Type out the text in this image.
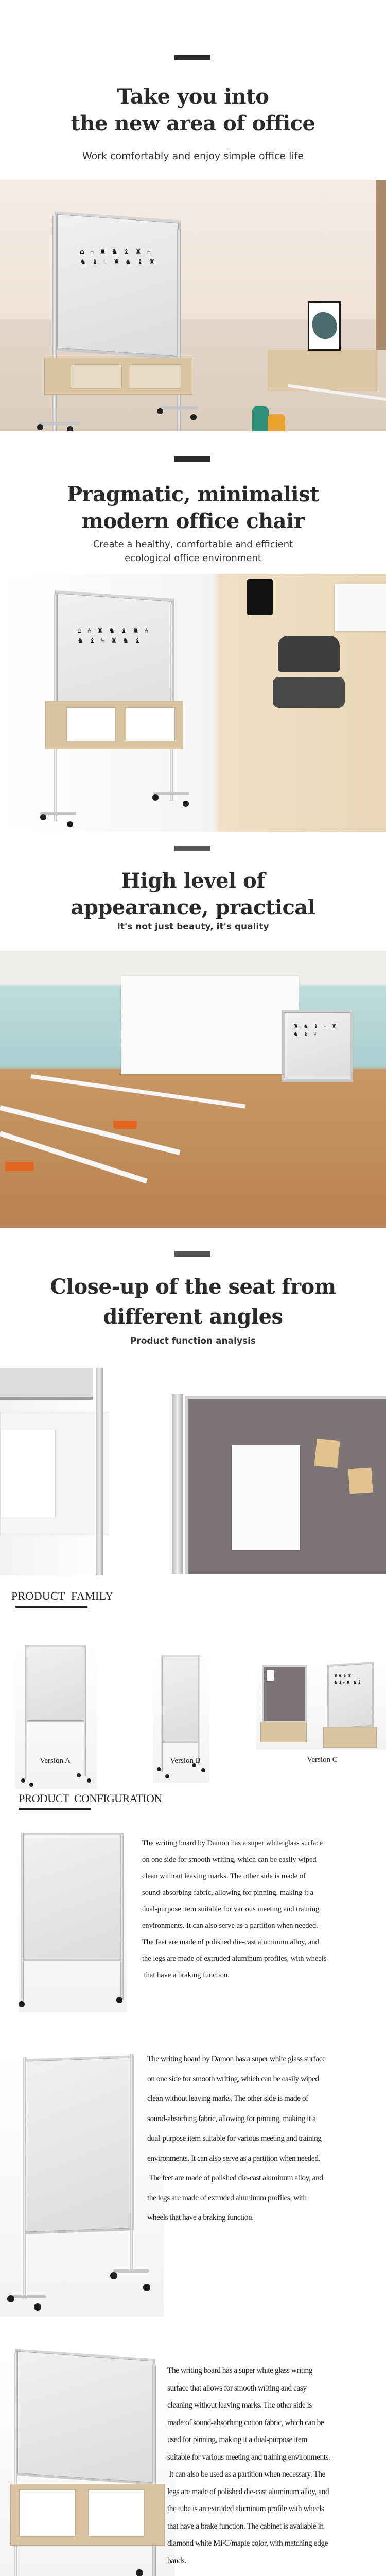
Take you into
the new area of office
Work comfortably and enjoy simple office life
⌂ ⑃ ♜ ♞ ♝ ♜ ⑃ ♞ ♝ ⑂ ♜ ♞ ♝ ♜
Pragmatic, minimalist
modern office chair
Create a healthy, comfortable and efficient
ecological office environment
⌂ ⑃ ♜ ♞ ♝ ♜ ⑃ ♞ ♝ ⑂ ♜ ♞ ♝
High level of
appearance, practical
It's not just beauty, it's quality
♜ ♞ ♝ ⑃ ♜ ♞ ♝ ⑂
Close-up of the seat from
different angles
Product function analysis
PRODUCT  FAMILY
Version A	Version B
♜♞♝♜ ♞♝⑃♜ ♞♝
Version C
PRODUCT  CONFIGURATION
The writing board by Damon has a super white glass surface
on one side for smooth writing, which can be easily wiped
clean without leaving marks. The other side is made of
sound-absorbing fabric, allowing for pinning, making it a
dual-purpose item suitable for various meeting and training
environments. It can also serve as a partition when needed.
The feet are made of polished die-cast aluminum alloy, and
the legs are made of extruded aluminum profiles, with wheels
that have a braking function.
The writing board by Damon has a super white glass surface
on one side for smooth writing, which can be easily wiped
clean without leaving marks. The other side is made of
sound-absorbing fabric, allowing for pinning, making it a
dual-purpose item suitable for various meeting and training
environments. It can also serve as a partition when needed.
The feet are made of polished die-cast aluminum alloy, and
the legs are made of extruded aluminum profiles, with
wheels that have a braking function.
The writing board has a super white glass writing
surface that allows for smooth writing and easy
cleaning without leaving marks. The other side is
made of sound-absorbing cotton fabric, which can be
used for pinning, making it a dual-purpose item
suitable for various meeting and training environments.
It can also be used as a partition when necessary. The
legs are made of polished die-cast aluminum alloy, and
the tube is an extruded aluminum profile with wheels
that have a brake function. The cabinet is available in
diamond white MFC/maple color, with matching edge
bands.
